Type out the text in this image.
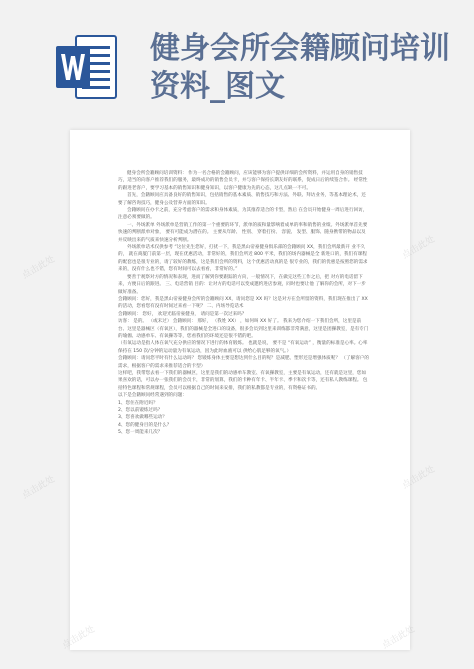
健身会所会籍顾问培训资料_图文

健身会所会籍顾问培训资料： 作为一名合格的会籍顾问，应该能够为客户提供详细的会所资料，并运用自身的销售技巧，适当的向客户推荐我们的服务，最终成功的销售会员卡，并与客户保持长期友好的联系，促成日后的续签合作。 经常性的跟进老客户，要学习基本的销售知识和健身知识，以客户健康为先的心态，这几点缺一不可。

首先，会籍顾问应具备良好的销售知识，包括销售的基本素质、销售技巧和方法、外联、拜访业务，等基本理论术，还要了解咨询技巧，健身公及营养方面的知识。

会籍顾问在办卡之前，充分考虑客户的需求和身体素质，为其推荐适合的卡型，然后 在会员开始健身一周后进行回访，注意必须要做的。

一、外场派单 外场派单是营销工作的第一个重要的环节，派单的质和量影响着成单的率和销售的业绩。外场派单首先要快速的判断派单对象， 要有可能成为潜在的。 主要从年龄、 性别、 穿着打扮、 容貌、 发型、服饰、随身携带的物品以及并反映出来的气质来快速分析判断。

外场派单话术仅供参考 “这位先生您好，打扰一下，我是黑山帝豪健身俱乐部的会籍顾问 XX，我们会所最新开 业不久的， 就在商厦门前第一层，现在优惠活动，非常好的，我们会所近 800 平米，我们的场内器械是全 新进口的，我们有课程的配套也是很专业的，请了较好的教练，这是我们会所的资料，这个优惠活动真的是 很专业的，我们的优惠是按照您的需求来的，没有什么也不错，您有时间可以去看看，非常好的。”

要善于观察对方的情况和表现，进而了解到你要跟踪的方向，一般情况下，在做完这些工作之后，把 对方的电话留下来，方便日后的跟进。 三、电话营销 目的：让对方的电话可以变成邀约进店参观，同时也要让他 了解你的会所，对下一步做好准备。

会籍顾问：您好，我是黑山帝豪健身会所的会籍顾问 XX，请问您是 XX 吗？这是对方在会所留的资料，我们现在推出了 XX 的活动，您看您有没有时间过来看一下呢？ 二、内场导览话术

会籍顾问： 您好， 欢迎光临帝豪健身， 请问是第一次过来吗？

访客： 是的。 （或未过） 会籍顾问： 那好， （我姓 XX） ，如何叫 XX 好了。 我来为您介绍一下我们会所，这里是前台、这里是器械区（有氧区），我们的器械是全进口的设备，很多会员到这里来训练都非常满意，这里是团操教室，是有专门的瑜伽、动感单车、有氧操等等，您看我们的环境还是很不错的吧。

（有氧运动是指人体在氧气充分供应的情况下进行的体育锻炼。 也就是说， 要不是 “有氧运动” ，衡量的标准是心率。心率保持在 150 次/分钟的运动量为有氧运动，因为此时血液可以 供给心肌足够的氧气。）

会籍顾问：请问您平时有什么运动吗？ 您锻炼身体主要是想达到什么目的呢？是减肥、塑形还是增强体质呢？ （了解客户的需求，根据客户的需求来推荐适合的卡型）

这样吧，我带您去看一下我们的器械区，这里是我们的动感单车教室、有氧操教室，主要是有氧运动，还有就是这里，您如果喜欢的话，可以办一张我们的会员卡，非常的划算，我们的卡种有年卡、半年卡、季卡和次卡等，还有私人教练课程。 包括特色课程和常规课程，会员可以根据自己的时间来安排，我们的私教都是专业的，有资格证书的。

以下是会籍顾问经常遇到的问题：

1、您住在附近吗？

2、您以前锻炼过吗？

3、您喜欢做哪些运动？

4、您的健身目的是什么？

5、您一周能来几次？

点击此处
点击此处
点击此处	点击此处
点击此处	点击此处
